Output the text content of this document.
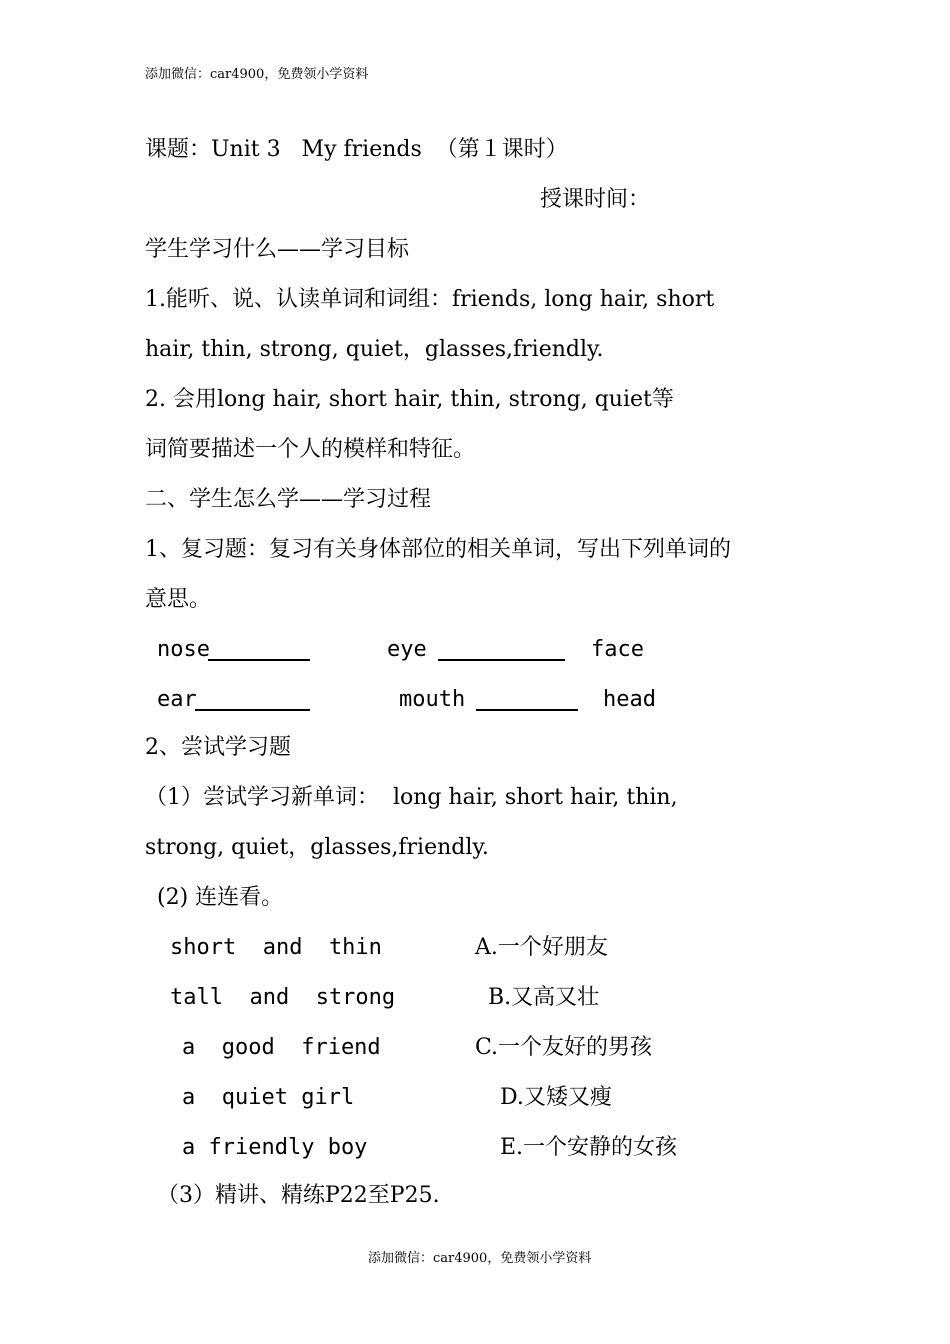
添加微信：car4900，免费领小学资料
课题：Unit 3   My friends  （第１课时）
授课时间：
学生学习什么——学习目标
1.能听、说、认读单词和词组：friends, long hair, short
hair, thin, strong, quiet，glasses,friendly.
2. 会用long hair, short hair, thin, strong, quiet等
词简要描述一个人的模样和特征。
二、学生怎么学——学习过程
1、复习题：复习有关身体部位的相关单词，写出下列单词的
意思。
nose	eye	face
ear	mouth	head
2、尝试学习题
（1）尝试学习新单词：  long hair, short hair, thin,
strong, quiet，glasses,friendly.
(2) 连连看。
short  and  thin	A.一个好朋友
tall  and  strong	B.又高又壮
a  good  friend	C.一个友好的男孩
a  quiet girl	D.又矮又瘦
a friendly boy	E.一个安静的女孩
（3）精讲、精练P22至P25.
添加微信：car4900，免费领小学资料
